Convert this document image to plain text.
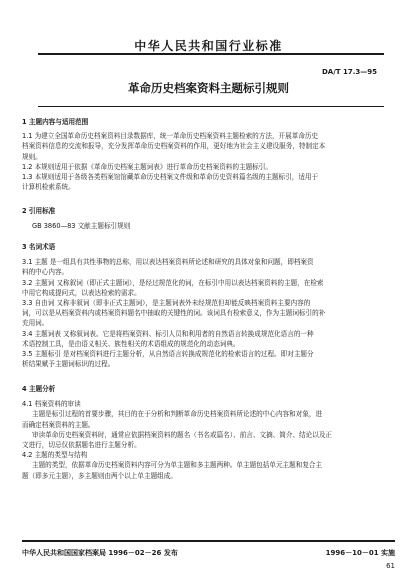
中华人民共和国行业标准
DA/T 17.3—95
革命历史档案资料主题标引规则
1 主题内容与适用范围
1.1 为建立全国革命历史档案资料目录数据库，统一革命历史档案资料主题检索的方法，开展革命历史
档案资料信息的交流和报导，充分发挥革命历史档案资料的作用，更好地为社会主义建设服务，特制定本
规则。
1.2 本规则适用于依据《革命历史档案主题词表》进行革命历史档案资料的主题标引。
1.3 本规则适用于各级各类档案馆馆藏革命历史档案文件级和革命历史资料篇名级的主题标引，适用于
计算机检索系统。
2 引用标准
GB 3860—83 文献主题标引规则
3 名词术语
3.1 主题 是一组具有共性事物的总称，用以表达档案资料所论述和研究的具体对象和问题，即档案资
料的中心内容。
3.2 主题词 又称叙词（即正式主题词），是经过规范化的词，在标引中用以表达档案资料的主题，在检索
中用它构成提问式，以表达检索的需求。
3.3 自由词 又称非叙词（即非正式主题词），是主题词表外未经规范但却能反映档案资料主要内容的
词，可以是从档案资料内或档案资料题名中抽取的关键性的词。该词具有检索意义，作为主题词标引的补
充用词。
3.4 主题词表 又称叙词表。它是将档案资料、标引人员和利用者的自然语言转换成规范化语言的一种
术语控制工具，是由语义相关、族性相关的术语组成的规范化的动态词典。
3.5 主题标引 是对档案资料进行主题分析，从自然语言转换成规范化的检索语言的过程。即对主题分
析结果赋予主题词标识的过程。
4 主题分析
4.1 档案资料的审读
主题是标引过程的首要步骤，其目的在于分析和判断革命历史档案资料所论述的中心内容和对象，进
而确定档案资料的主题。
审读革命历史档案资料时，通常应依据档案资料的题名（书名或篇名）、前言、文摘、简介、结论以及正
文进行，切忌仅依据题名进行主题分析。
4.2 主题的类型与结构
主题的类型，依据革命历史档案资料内容可分为单主题和多主题两种。单主题包括单元主题和复合主
题（即多元主题），多主题则由两个以上单主题组成。
中华人民共和国国家档案局 1996－02－26 发布	1996－10－01 实施
61
